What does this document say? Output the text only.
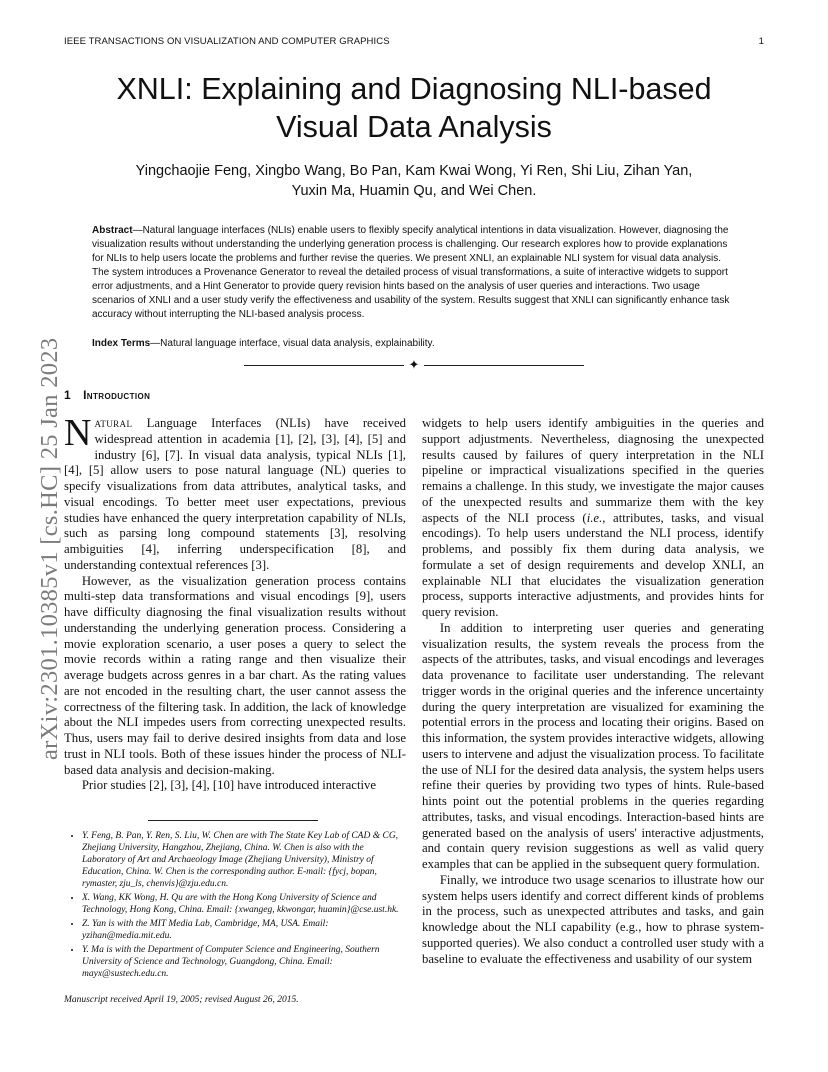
IEEE TRANSACTIONS ON VISUALIZATION AND COMPUTER GRAPHICS	1
arXiv:2301.10385v1 [cs.HC] 25 Jan 2023
XNLI: Explaining and Diagnosing NLI-based
Visual Data Analysis
Yingchaojie Feng, Xingbo Wang, Bo Pan, Kam Kwai Wong, Yi Ren, Shi Liu, Zihan Yan,
Yuxin Ma, Huamin Qu, and Wei Chen.
Abstract—Natural language interfaces (NLIs) enable users to flexibly specify analytical intentions in data visualization. However, diagnosing the visualization results without understanding the underlying generation process is challenging. Our research explores how to provide explanations for NLIs to help users locate the problems and further revise the queries. We present XNLI, an explainable NLI system for visual data analysis. The system introduces a Provenance Generator to reveal the detailed process of visual transformations, a suite of interactive widgets to support error adjustments, and a Hint Generator to provide query revision hints based on the analysis of user queries and interactions. Two usage scenarios of XNLI and a user study verify the effectiveness and usability of the system. Results suggest that XNLI can significantly enhance task accuracy without interrupting the NLI-based analysis process.
Index Terms—Natural language interface, visual data analysis, explainability.
✦
1 Introduction

Natural Language Interfaces (NLIs) have received widespread attention in academia [1], [2], [3], [4], [5] and industry [6], [7]. In visual data analysis, typical NLIs [1], [4], [5] allow users to pose natural language (NL) queries to specify visualizations from data attributes, analytical tasks, and visual encodings. To better meet user expectations, previous studies have enhanced the query interpretation capability of NLIs, such as parsing long compound statements [3], resolving ambiguities [4], inferring underspecification [8], and understanding contextual references [3].

However, as the visualization generation process contains multi-step data transformations and visual encodings [9], users have difficulty diagnosing the final visualization results without understanding the underlying generation process. Considering a movie exploration scenario, a user poses a query to select the movie records within a rating range and then visualize their average budgets across genres in a bar chart. As the rating values are not encoded in the resulting chart, the user cannot assess the correctness of the filtering task. In addition, the lack of knowledge about the NLI impedes users from correcting unexpected results. Thus, users may fail to derive desired insights from data and lose trust in NLI tools. Both of these issues hinder the process of NLI-based data analysis and decision-making.

Prior studies [2], [3], [4], [10] have introduced interactive

• Y. Feng, B. Pan, Y. Ren, S. Liu, W. Chen are with The State Key Lab of CAD & CG, Zhejiang University, Hangzhou, Zhejiang, China. W. Chen is also with the Laboratory of Art and Archaeology Image (Zhejiang University), Ministry of Education, China. W. Chen is the corresponding author. E-mail: {fycj, bopan, rymaster, zju_ls, chenvis}@zju.edu.cn.
• X. Wang, KK Wong, H. Qu are with the Hong Kong University of Science and Technology, Hong Kong, China. Email: {xwangeg, kkwongar, huamin}@cse.ust.hk.
• Z. Yan is with the MIT Media Lab, Cambridge, MA, USA. Email: yzihan@media.mit.edu.
• Y. Ma is with the Department of Computer Science and Engineering, Southern University of Science and Technology, Guangdong, China. Email: mayx@sustech.edu.cn.
Manuscript received April 19, 2005; revised August 26, 2015.

widgets to help users identify ambiguities in the queries and support adjustments. Nevertheless, diagnosing the unexpected results caused by failures of query interpretation in the NLI pipeline or impractical visualizations specified in the queries remains a challenge. In this study, we investigate the major causes of the unexpected results and summarize them with the key aspects of the NLI process (i.e., attributes, tasks, and visual encodings). To help users understand the NLI process, identify problems, and possibly fix them during data analysis, we formulate a set of design requirements and develop XNLI, an explainable NLI that elucidates the visualization generation process, supports interactive adjustments, and provides hints for query revision.

In addition to interpreting user queries and generating visualization results, the system reveals the process from the aspects of the attributes, tasks, and visual encodings and leverages data provenance to facilitate user understanding. The relevant trigger words in the original queries and the inference uncertainty during the query interpretation are visualized for examining the potential errors in the process and locating their origins. Based on this information, the system provides interactive widgets, allowing users to intervene and adjust the visualization process. To facilitate the use of NLI for the desired data analysis, the system helps users refine their queries by providing two types of hints. Rule-based hints point out the potential problems in the queries regarding attributes, tasks, and visual encodings. Interaction-based hints are generated based on the analysis of users' interactive adjustments, and contain query revision suggestions as well as valid query examples that can be applied in the subsequent query formulation.

Finally, we introduce two usage scenarios to illustrate how our system helps users identify and correct different kinds of problems in the process, such as unexpected attributes and tasks, and gain knowledge about the NLI capability (e.g., how to phrase system-supported queries). We also conduct a controlled user study with a baseline to evaluate the effectiveness and usability of our system
